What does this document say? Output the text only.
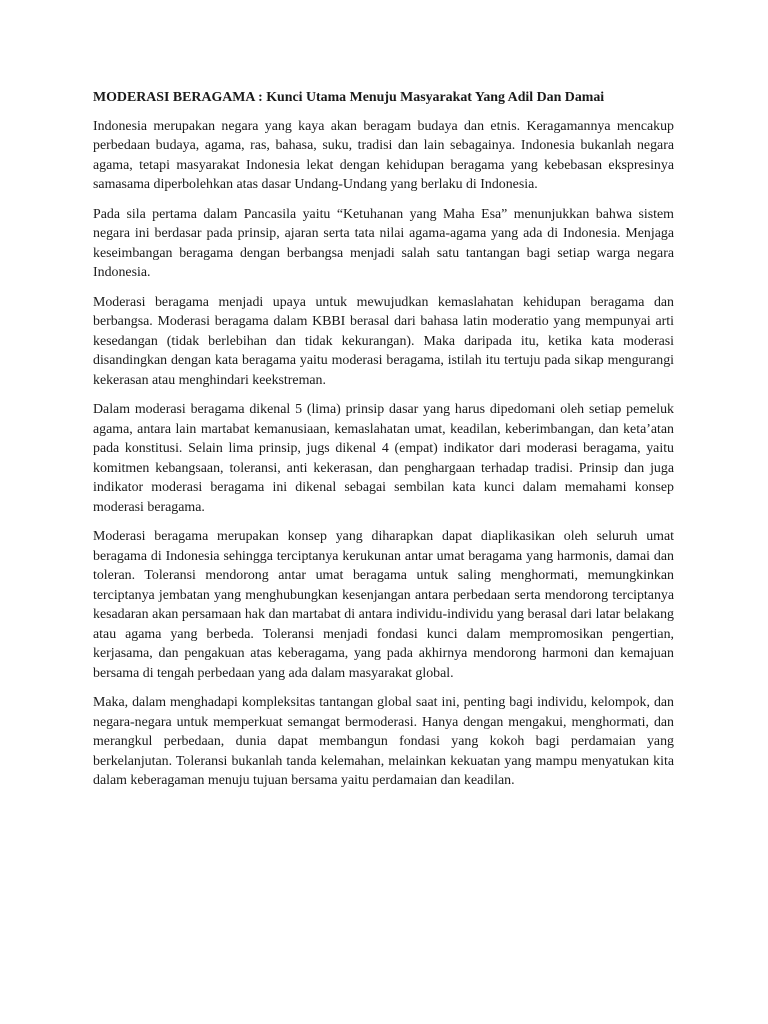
MODERASI BERAGAMA : Kunci Utama Menuju Masyarakat Yang Adil Dan Damai

Indonesia merupakan negara yang kaya akan beragam budaya dan etnis. Keragamannya mencakup perbedaan budaya, agama, ras, bahasa, suku, tradisi dan lain sebagainya. Indonesia bukanlah negara agama, tetapi masyarakat Indonesia lekat dengan kehidupan beragama yang kebebasan ekspresinya samasama diperbolehkan atas dasar Undang-Undang yang berlaku di Indonesia.

Pada sila pertama dalam Pancasila yaitu “Ketuhanan yang Maha Esa” menunjukkan bahwa sistem negara ini berdasar pada prinsip, ajaran serta tata nilai agama-agama yang ada di Indonesia. Menjaga keseimbangan beragama dengan berbangsa menjadi salah satu tantangan bagi setiap warga negara Indonesia.

Moderasi beragama menjadi upaya untuk mewujudkan kemaslahatan kehidupan beragama dan berbangsa. Moderasi beragama dalam KBBI berasal dari bahasa latin moderatio yang mempunyai arti kesedangan (tidak berlebihan dan tidak kekurangan). Maka daripada itu, ketika kata moderasi disandingkan dengan kata beragama yaitu moderasi beragama, istilah itu tertuju pada sikap mengurangi kekerasan atau menghindari keekstreman.

Dalam moderasi beragama dikenal 5 (lima) prinsip dasar yang harus dipedomani oleh setiap pemeluk agama, antara lain martabat kemanusiaan, kemaslahatan umat, keadilan, keberimbangan, dan keta’atan pada konstitusi. Selain lima prinsip, jugs dikenal 4 (empat) indikator dari moderasi beragama, yaitu komitmen kebangsaan, toleransi, anti kekerasan, dan penghargaan terhadap tradisi. Prinsip dan juga indikator moderasi beragama ini dikenal sebagai sembilan kata kunci dalam memahami konsep moderasi beragama.

Moderasi beragama merupakan konsep yang diharapkan dapat diaplikasikan oleh seluruh umat beragama di Indonesia sehingga terciptanya kerukunan antar umat beragama yang harmonis, damai dan toleran. Toleransi mendorong antar umat beragama untuk saling menghormati, memungkinkan terciptanya jembatan yang menghubungkan kesenjangan antara perbedaan serta mendorong terciptanya kesadaran akan persamaan hak dan martabat di antara individu-individu yang berasal dari latar belakang atau agama yang berbeda. Toleransi menjadi fondasi kunci dalam mempromosikan pengertian, kerjasama, dan pengakuan atas keberagama, yang pada akhirnya mendorong harmoni dan kemajuan bersama di tengah perbedaan yang ada dalam masyarakat global.

Maka, dalam menghadapi kompleksitas tantangan global saat ini, penting bagi individu, kelompok, dan negara-negara untuk memperkuat semangat bermoderasi. Hanya dengan mengakui, menghormati, dan merangkul perbedaan, dunia dapat membangun fondasi yang kokoh bagi perdamaian yang berkelanjutan. Toleransi bukanlah tanda kelemahan, melainkan kekuatan yang mampu menyatukan kita dalam keberagaman menuju tujuan bersama yaitu perdamaian dan keadilan.
